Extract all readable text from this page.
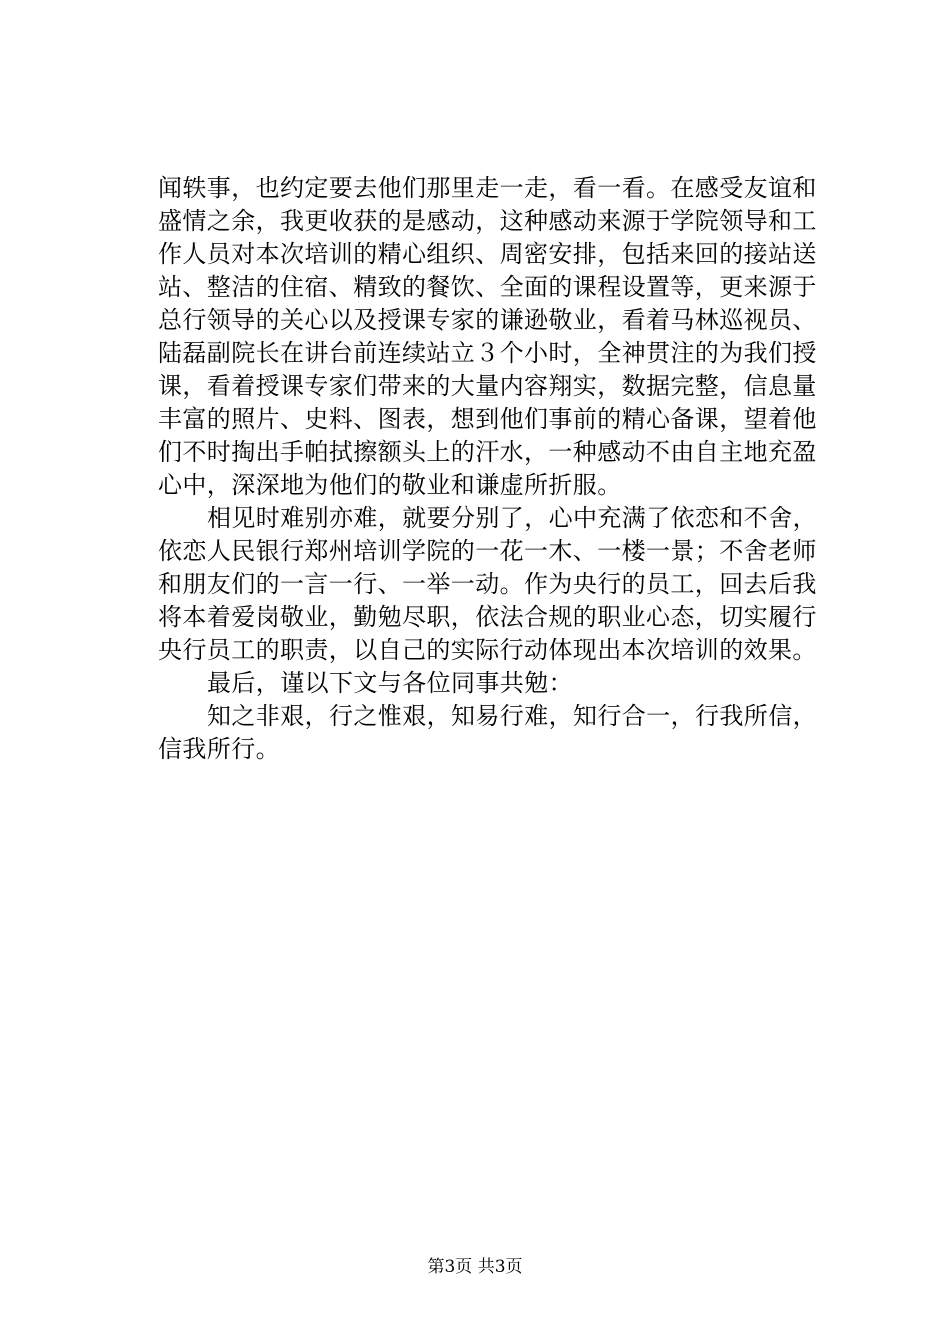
闻轶事，也约定要去他们那里走一走，看一看。在感受友谊和
盛情之余，我更收获的是感动，这种感动来源于学院领导和工
作人员对本次培训的精心组织、周密安排，包括来回的接站送
站、整洁的住宿、精致的餐饮、全面的课程设置等，更来源于
总行领导的关心以及授课专家的谦逊敬业，看着马林巡视员、
陆磊副院长在讲台前连续站立３个小时，全神贯注的为我们授
课，看着授课专家们带来的大量内容翔实，数据完整，信息量
丰富的照片、史料、图表，想到他们事前的精心备课，望着他
们不时掏出手帕拭擦额头上的汗水，一种感动不由自主地充盈
心中，深深地为他们的敬业和谦虚所折服。
相见时难别亦难，就要分别了，心中充满了依恋和不舍，
依恋人民银行郑州培训学院的一花一木、一楼一景；不舍老师
和朋友们的一言一行、一举一动。作为央行的员工，回去后我
将本着爱岗敬业，勤勉尽职，依法合规的职业心态，切实履行
央行员工的职责，以自己的实际行动体现出本次培训的效果。
最后，谨以下文与各位同事共勉：
知之非艰，行之惟艰，知易行难，知行合一，行我所信，
信我所行。
第3页 共3页
